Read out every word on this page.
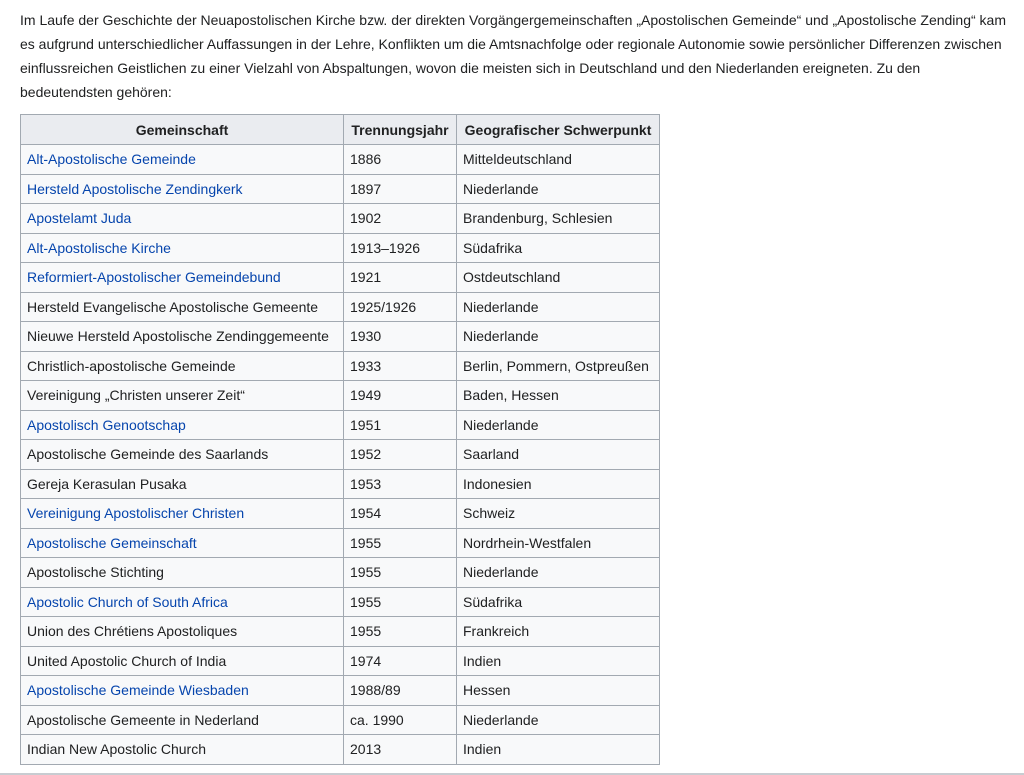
Im Laufe der Geschichte der Neuapostolischen Kirche bzw. der direkten Vorgängergemeinschaften „Apostolischen Gemeinde“ und „Apostolische Zending“ kam es aufgrund unterschiedlicher Auffassungen in der Lehre, Konflikten um die Amtsnachfolge oder regionale Autonomie sowie persönlicher Differenzen zwischen einflussreichen Geistlichen zu einer Vielzahl von Abspaltungen, wovon die meisten sich in Deutschland und den Niederlanden ereigneten. Zu den bedeutendsten gehören:

Gemeinschaft	Trennungsjahr	Geografischer Schwerpunkt
Alt-Apostolische Gemeinde	1886	Mitteldeutschland
Hersteld Apostolische Zendingkerk	1897	Niederlande
Apostelamt Juda	1902	Brandenburg, Schlesien
Alt-Apostolische Kirche	1913–1926	Südafrika
Reformiert-Apostolischer Gemeindebund	1921	Ostdeutschland
Hersteld Evangelische Apostolische Gemeente	1925/1926	Niederlande
Nieuwe Hersteld Apostolische Zendinggemeente	1930	Niederlande
Christlich-apostolische Gemeinde	1933	Berlin, Pommern, Ostpreußen
Vereinigung „Christen unserer Zeit“	1949	Baden, Hessen
Apostolisch Genootschap	1951	Niederlande
Apostolische Gemeinde des Saarlands	1952	Saarland
Gereja Kerasulan Pusaka	1953	Indonesien
Vereinigung Apostolischer Christen	1954	Schweiz
Apostolische Gemeinschaft	1955	Nordrhein-Westfalen
Apostolische Stichting	1955	Niederlande
Apostolic Church of South Africa	1955	Südafrika
Union des Chrétiens Apostoliques	1955	Frankreich
United Apostolic Church of India	1974	Indien
Apostolische Gemeinde Wiesbaden	1988/89	Hessen
Apostolische Gemeente in Nederland	ca. 1990	Niederlande
Indian New Apostolic Church	2013	Indien
